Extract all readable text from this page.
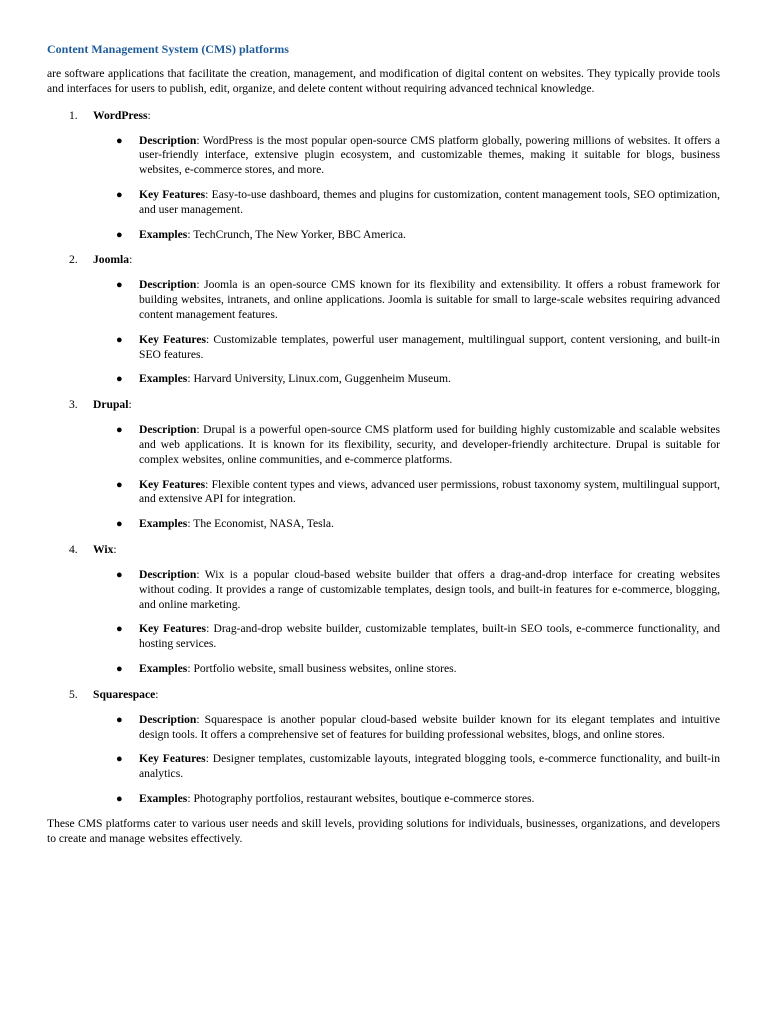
Content Management System (CMS) platforms

are software applications that facilitate the creation, management, and modification of digital content on websites. They typically provide tools and interfaces for users to publish, edit, organize, and delete content without requiring advanced technical knowledge.

1. WordPress:
● Description: WordPress is the most popular open-source CMS platform globally, powering millions of websites. It offers a user-friendly interface, extensive plugin ecosystem, and customizable themes, making it suitable for blogs, business websites, e-commerce stores, and more.
● Key Features: Easy-to-use dashboard, themes and plugins for customization, content management tools, SEO optimization, and user management.
● Examples: TechCrunch, The New Yorker, BBC America.
2. Joomla:
● Description: Joomla is an open-source CMS known for its flexibility and extensibility. It offers a robust framework for building websites, intranets, and online applications. Joomla is suitable for small to large-scale websites requiring advanced content management features.
● Key Features: Customizable templates, powerful user management, multilingual support, content versioning, and built-in SEO features.
● Examples: Harvard University, Linux.com, Guggenheim Museum.
3. Drupal:
● Description: Drupal is a powerful open-source CMS platform used for building highly customizable and scalable websites and web applications. It is known for its flexibility, security, and developer-friendly architecture. Drupal is suitable for complex websites, online communities, and e-commerce platforms.
● Key Features: Flexible content types and views, advanced user permissions, robust taxonomy system, multilingual support, and extensive API for integration.
● Examples: The Economist, NASA, Tesla.
4. Wix:
● Description: Wix is a popular cloud-based website builder that offers a drag-and-drop interface for creating websites without coding. It provides a range of customizable templates, design tools, and built-in features for e-commerce, blogging, and online marketing.
● Key Features: Drag-and-drop website builder, customizable templates, built-in SEO tools, e-commerce functionality, and hosting services.
● Examples: Portfolio website, small business websites, online stores.
5. Squarespace:
● Description: Squarespace is another popular cloud-based website builder known for its elegant templates and intuitive design tools. It offers a comprehensive set of features for building professional websites, blogs, and online stores.
● Key Features: Designer templates, customizable layouts, integrated blogging tools, e-commerce functionality, and built-in analytics.
● Examples: Photography portfolios, restaurant websites, boutique e-commerce stores.

These CMS platforms cater to various user needs and skill levels, providing solutions for individuals, businesses, organizations, and developers to create and manage websites effectively.
